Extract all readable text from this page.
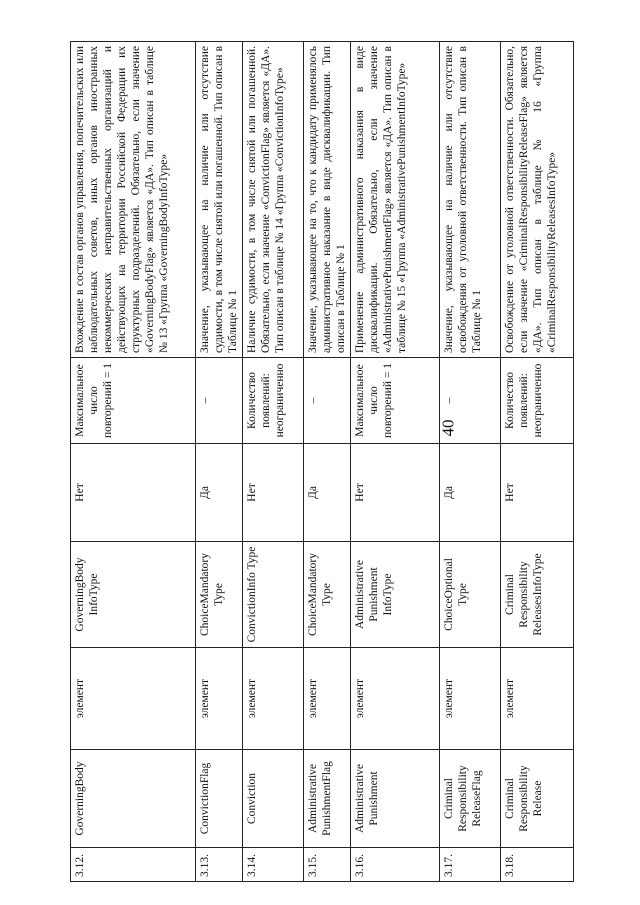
40
3.12.	GoverningBody	элемент	GoverningBody InfoType	Нет	Максимальное число повторений = 1	Вхождение в состав органов управления, попечительских или наблюдательных советов, иных органов иностранных некоммерческих неправительственных организаций и действующих на территории Российской Федерации их структурных подразделений. Обязательно, если значение «GoverningBodyFlag» является «ДА». Тип описан в таблице № 13 «Группа «GoverningBodyInfoType»
3.13.	ConvictionFlag	элемент	ChoiceMandatory Type	Да	–	Значение, указывающее на наличие или отсутствие судимости, в том числе снятой или погашенной. Тип описан в Таблице № 1
3.14.	Conviction	элемент	ConvictionInfo Type	Нет	Количество появлений: неограниченно	Наличие судимости, в том числе снятой или погашенной. Обязательно, если значение «ConvictionFlag» является «ДА». Тип описан в таблице № 14 «Группа «ConvictionInfoType»
3.15.	Administrative PunishmentFlag	элемент	ChoiceMandatory Type	Да	–	Значение, указывающее на то, что к кандидату применялось административное наказание в виде дисквалификации. Тип описан в Таблице № 1
3.16.	Administrative Punishment	элемент	Administrative Punishment InfoType	Нет	Максимальное число повторений = 1	Применение административного наказания в виде дисквалификации. Обязательно, если значение «AdministrativePunishmentFlag» является «ДА». Тип описан в таблице № 15 «Группа «AdministrativePunishmentInfoType»
3.17.	Criminal Responsibility ReleaseFlag	элемент	ChoiceOptional Type	Да	–	Значение, указывающее на наличие или отсутствие освобождения от уголовной ответственности. Тип описан в Таблице № 1
3.18.	Criminal Responsibility Release	элемент	Criminal Responsibility ReleasesInfoType	Нет	Количество появлений: неограниченно	Освобождение от уголовной ответственности. Обязательно, если значение «CriminalResponsibilityReleaseFlag» является «ДА». Тип описан в таблице № 16 «Группа «CriminalResponsibilityReleasesInfoType»
